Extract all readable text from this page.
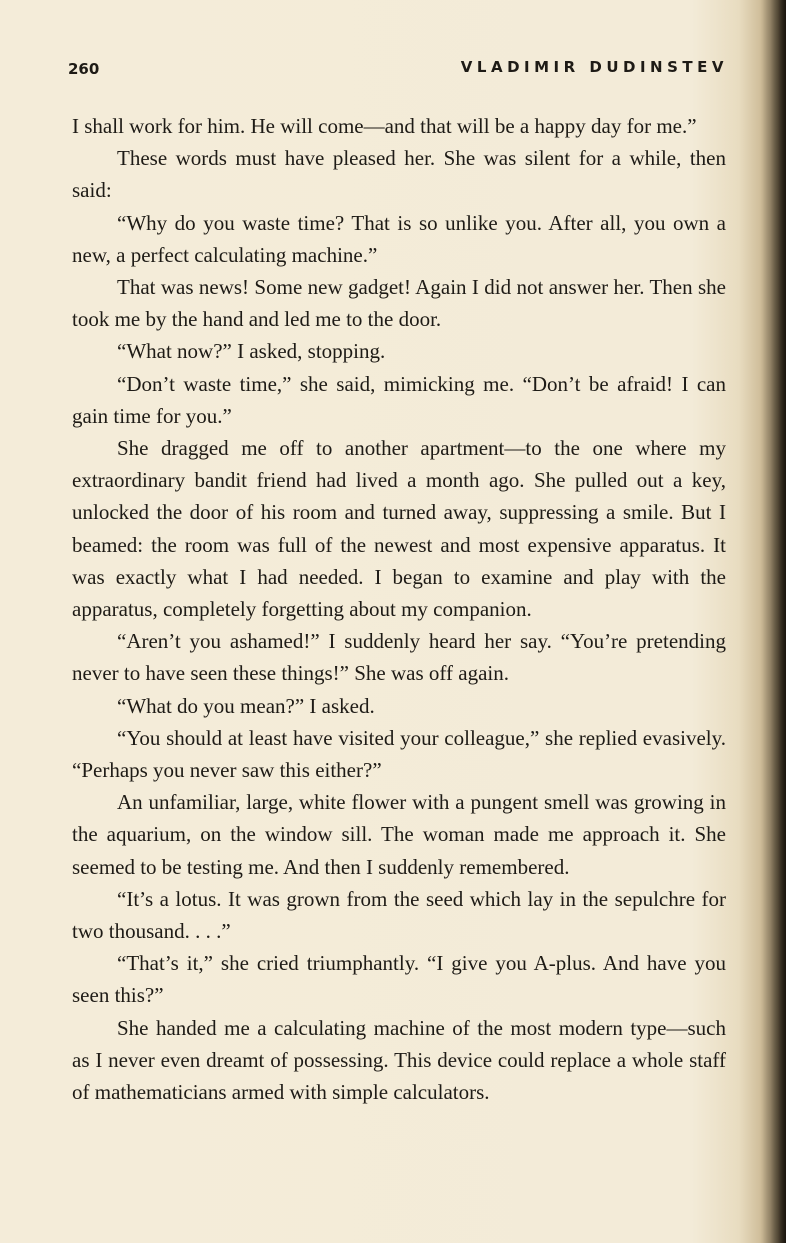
260	VLADIMIR DUDINSTEV

I shall work for him. He will come—and that will be a happy day for me.”

These words must have pleased her. She was silent for a while, then said:

“Why do you waste time? That is so unlike you. After all, you own a new, a perfect calculating machine.”

That was news! Some new gadget! Again I did not answer her. Then she took me by the hand and led me to the door.

“What now?” I asked, stopping.

“Don’t waste time,” she said, mimicking me. “Don’t be afraid! I can gain time for you.”

She dragged me off to another apartment—to the one where my extraordinary bandit friend had lived a month ago. She pulled out a key, unlocked the door of his room and turned away, suppressing a smile. But I beamed: the room was full of the newest and most expensive apparatus. It was exactly what I had needed. I began to examine and play with the apparatus, completely forgetting about my companion.

“Aren’t you ashamed!” I suddenly heard her say. “You’re pretending never to have seen these things!” She was off again.

“What do you mean?” I asked.

“You should at least have visited your colleague,” she replied evasively. “Perhaps you never saw this either?”

An unfamiliar, large, white flower with a pungent smell was growing in the aquarium, on the window sill. The woman made me approach it. She seemed to be testing me. And then I suddenly remembered.

“It’s a lotus. It was grown from the seed which lay in the sepulchre for two thousand. . . .”

“That’s it,” she cried triumphantly. “I give you A-plus. And have you seen this?”

She handed me a calculating machine of the most modern type—such as I never even dreamt of possessing. This device could replace a whole staff of mathematicians armed with simple calculators.
